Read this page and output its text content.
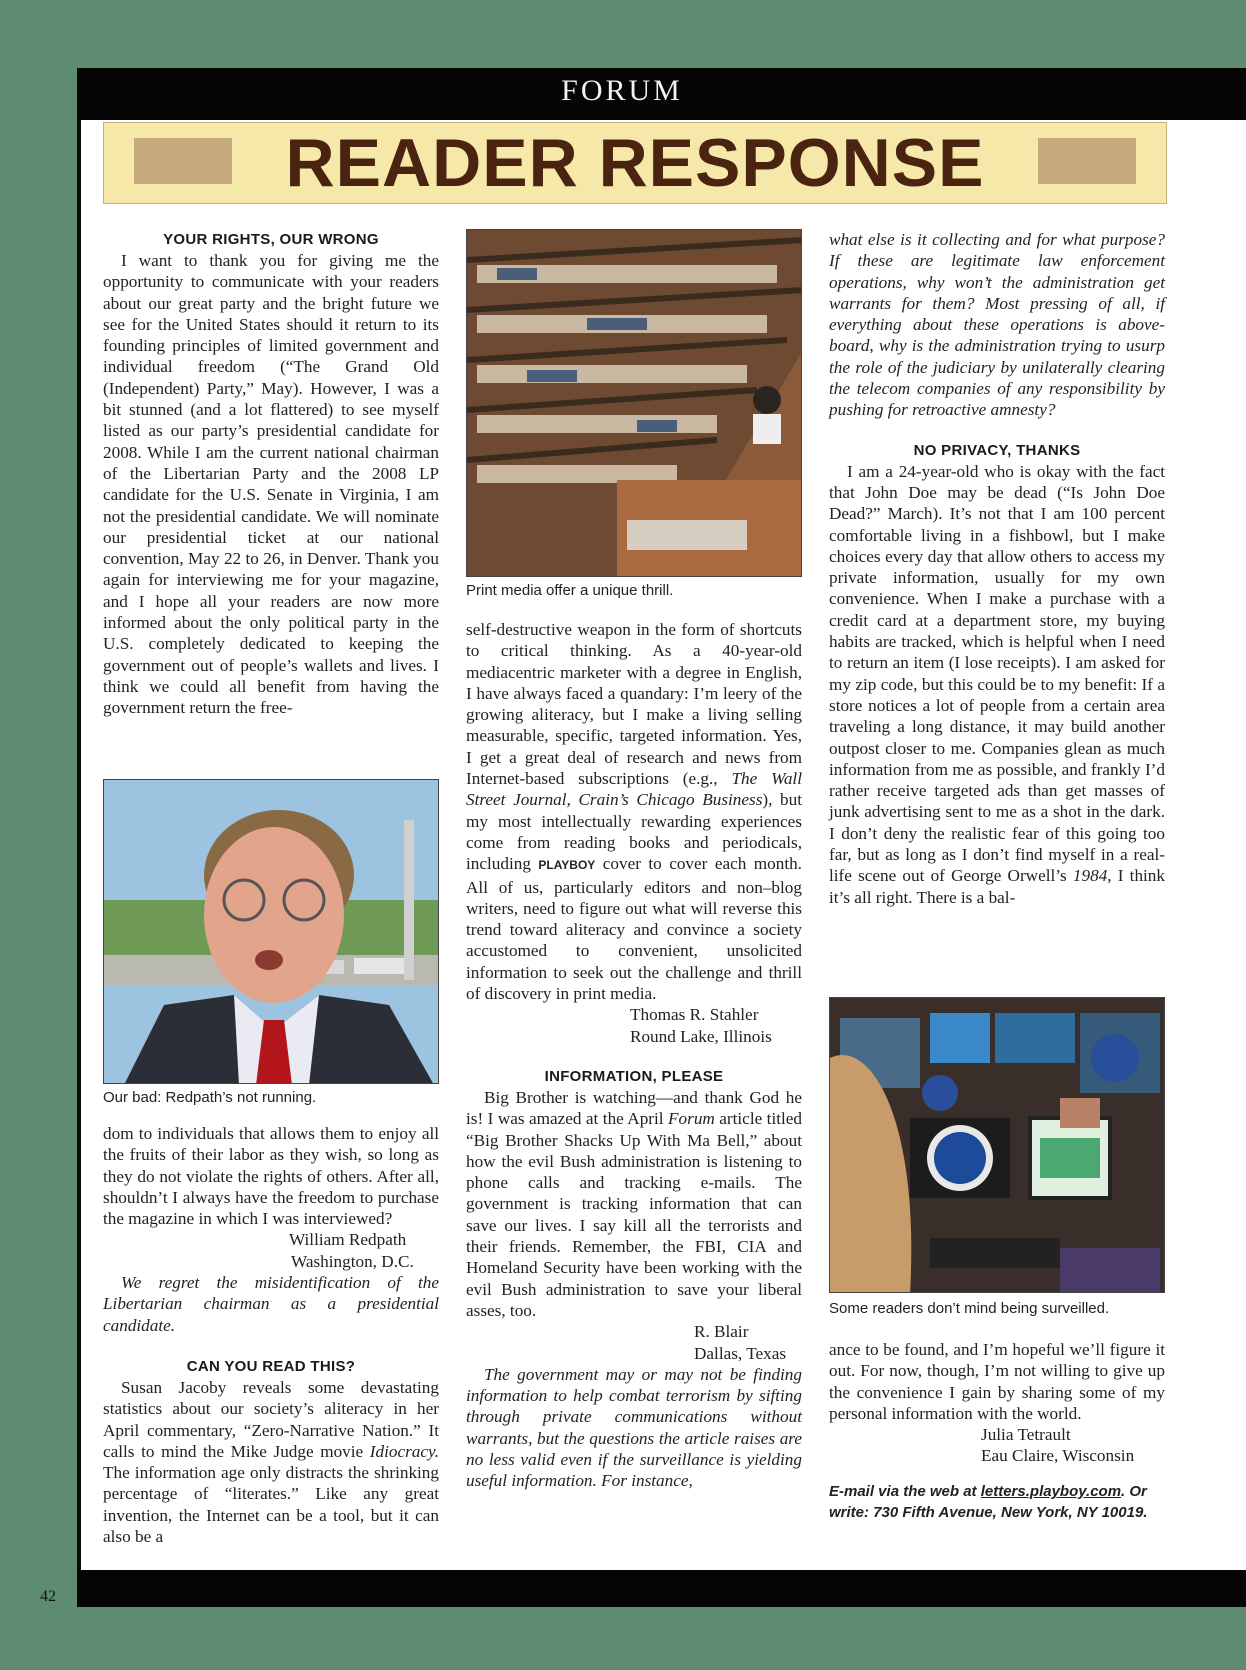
FORUM
READER RESPONSE
YOUR RIGHTS, OUR WRONG

I want to thank you for giving me the opportunity to communicate with your readers about our great party and the bright future we see for the United States should it return to its founding principles of limited government and individual freedom (“The Grand Old (Independent) Party,” May). However, I was a bit stunned (and a lot flattered) to see myself listed as our party’s presidential candidate for 2008. While I am the current national chairman of the Libertarian Party and the 2008 LP candidate for the U.S. Senate in Virginia, I am not the presidential candidate. We will nominate our presidential ticket at our national convention, May 22 to 26, in Denver. Thank you again for interviewing me for your magazine, and I hope all your readers are now more informed about the only political party in the U.S. completely dedicated to keeping the government out of people’s wallets and lives. I think we could all benefit from having the government return the free-

Our bad: Redpath’s not running.

dom to individuals that allows them to enjoy all the fruits of their labor as they wish, so long as they do not violate the rights of others. After all, shouldn’t I always have the freedom to purchase the magazine in which I was interviewed?

William Redpath
Washington, D.C.

We regret the misidentification of the Libertarian chairman as a presidential candidate.

CAN YOU READ THIS?

Susan Jacoby reveals some devastating statistics about our society’s aliteracy in her April commentary, “Zero-Narrative Nation.” It calls to mind the Mike Judge movie Idiocracy. The information age only distracts the shrinking percentage of “literates.” Like any great invention, the Internet can be a tool, but it can also be a

Print media offer a unique thrill.

self-destructive weapon in the form of shortcuts to critical thinking. As a 40-year-old mediacentric marketer with a degree in English, I have always faced a quandary: I’m leery of the growing aliteracy, but I make a living selling measurable, specific, targeted information. Yes, I get a great deal of research and news from Internet-based subscriptions (e.g., The Wall Street Journal, Crain’s Chicago Business), but my most intellectually rewarding experiences come from reading books and periodicals, including PLAYBOY cover to cover each month. All of us, particularly editors and non–blog writers, need to figure out what will reverse this trend toward aliteracy and convince a society accustomed to convenient, unsolicited information to seek out the challenge and thrill of discovery in print media.

Thomas R. Stahler
Round Lake, Illinois
INFORMATION, PLEASE

Big Brother is watching—and thank God he is! I was amazed at the April Forum article titled “Big Brother Shacks Up With Ma Bell,” about how the evil Bush administration is listening to phone calls and tracking e-mails. The government is tracking information that can save our lives. I say kill all the terrorists and their friends. Remember, the FBI, CIA and Homeland Security have been working with the evil Bush administration to save your liberal asses, too.

R. Blair
Dallas, Texas

The government may or may not be finding information to help combat terrorism by sifting through private communications without warrants, but the questions the article raises are no less valid even if the surveillance is yielding useful information. For instance,

what else is it collecting and for what purpose? If these are legitimate law enforcement operations, why won’t the administration get warrants for them? Most pressing of all, if everything about these operations is above-board, why is the administration trying to usurp the role of the judiciary by unilaterally clearing the telecom companies of any responsibility by pushing for retroactive amnesty?

NO PRIVACY, THANKS

I am a 24-year-old who is okay with the fact that John Doe may be dead (“Is John Doe Dead?” March). It’s not that I am 100 percent comfortable living in a fishbowl, but I make choices every day that allow others to access my private information, usually for my own convenience. When I make a purchase with a credit card at a department store, my buying habits are tracked, which is helpful when I need to return an item (I lose receipts). I am asked for my zip code, but this could be to my benefit: If a store notices a lot of people from a certain area traveling a long distance, it may build another outpost closer to me. Companies glean as much information from me as possible, and frankly I’d rather receive targeted ads than get masses of junk advertising sent to me as a shot in the dark. I don’t deny the realistic fear of this going too far, but as long as I don’t find myself in a real-life scene out of George Orwell’s 1984, I think it’s all right. There is a bal-

Some readers don’t mind being surveilled.

ance to be found, and I’m hopeful we’ll figure it out. For now, though, I’m not willing to give up the convenience I gain by sharing some of my personal information with the world.

Julia Tetrault
Eau Claire, Wisconsin
E-mail via the web at letters.playboy.com. Or write: 730 Fifth Avenue, New York, NY 10019.
42
